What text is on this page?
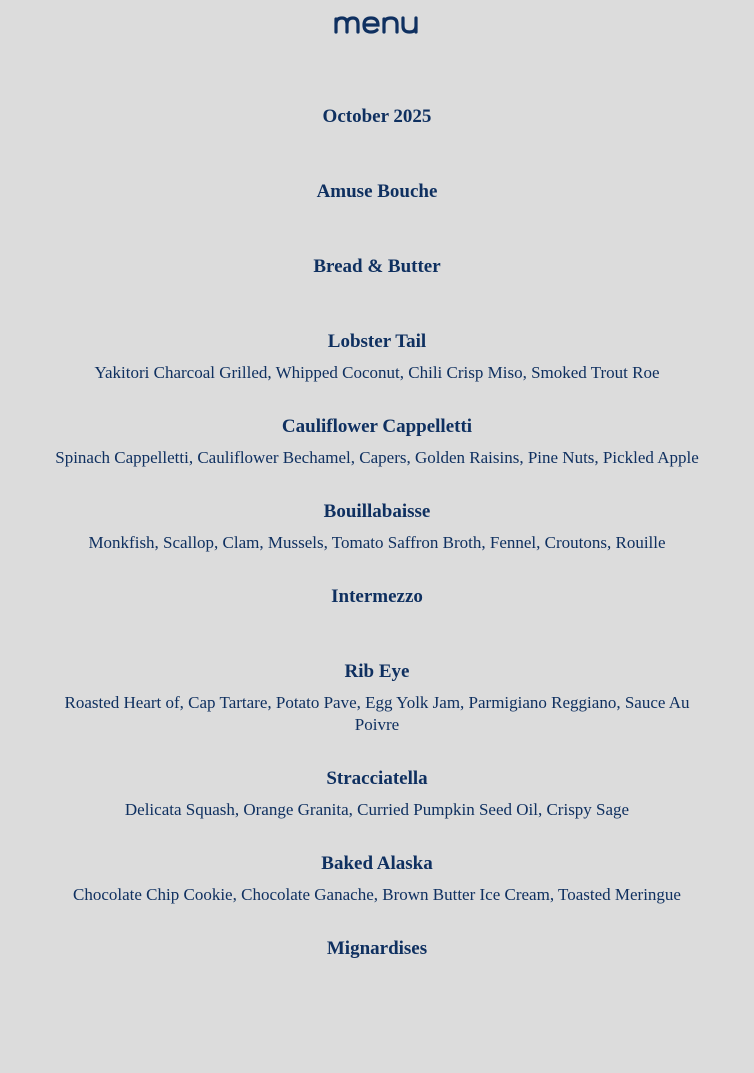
October 2025
Amuse Bouche
Bread & Butter
Lobster Tail

Yakitori Charcoal Grilled, Whipped Coconut, Chili Crisp Miso, Smoked Trout Roe

Cauliflower Cappelletti

Spinach Cappelletti, Cauliflower Bechamel, Capers, Golden Raisins, Pine Nuts, Pickled Apple

Bouillabaisse

Monkfish, Scallop, Clam, Mussels, Tomato Saffron Broth, Fennel, Croutons, Rouille

Intermezzo
Rib Eye

Roasted Heart of, Cap Tartare, Potato Pave, Egg Yolk Jam, Parmigiano Reggiano, Sauce Au Poivre

Stracciatella

Delicata Squash, Orange Granita, Curried Pumpkin Seed Oil, Crispy Sage

Baked Alaska

Chocolate Chip Cookie, Chocolate Ganache, Brown Butter Ice Cream, Toasted Meringue

Mignardises
